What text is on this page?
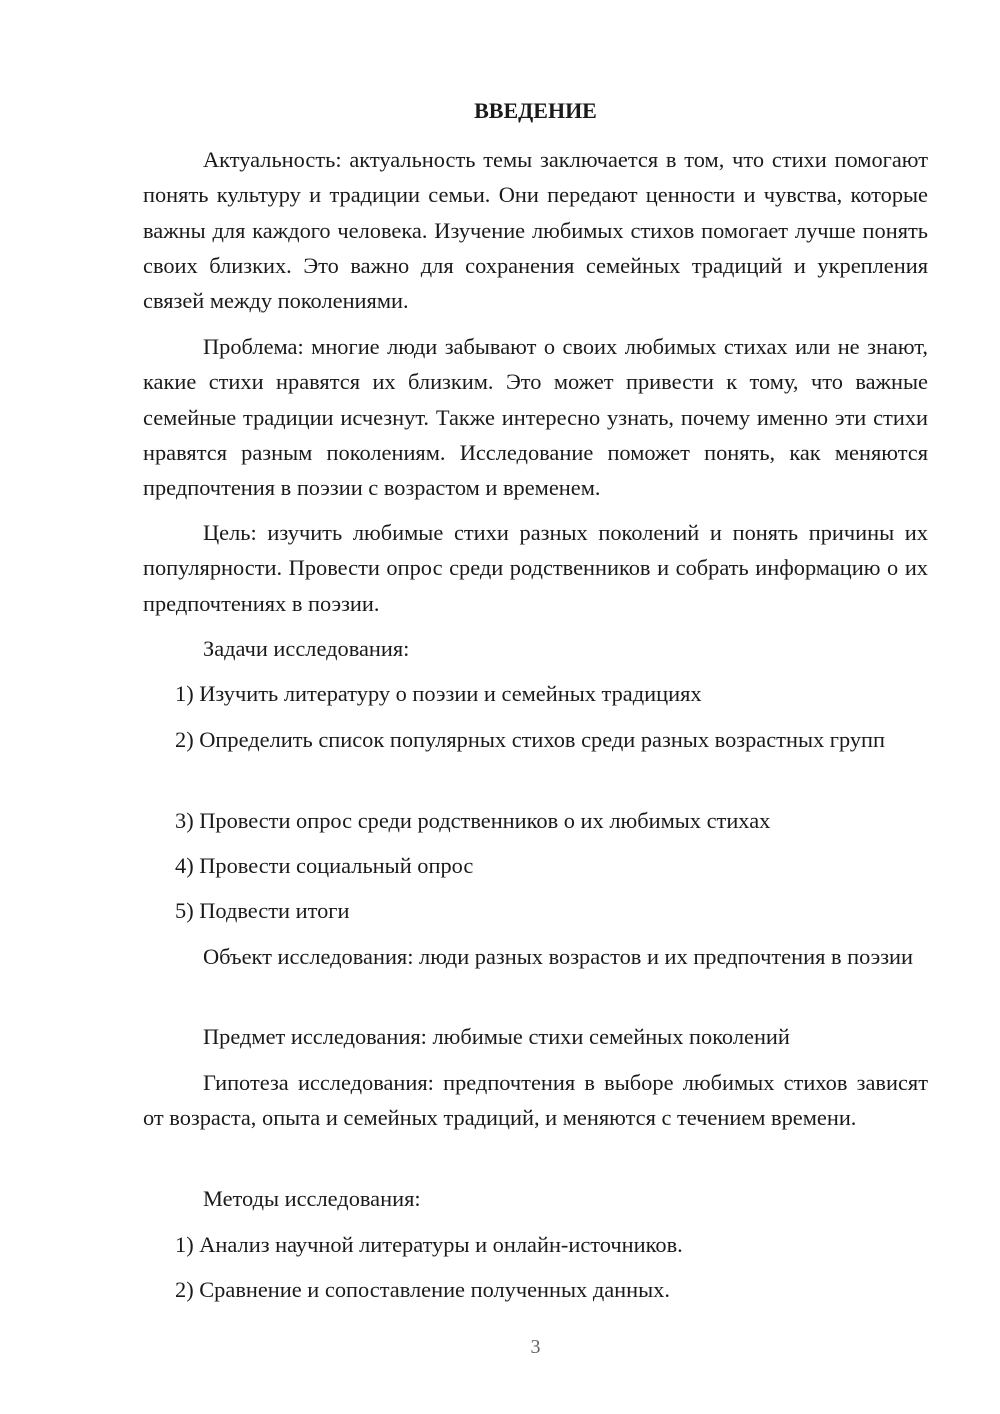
ВВЕДЕНИЕ

Актуальность: актуальность темы заключается в том, что стихи помогают понять культуру и традиции семьи. Они передают ценности и чувства, которые важны для каждого человека. Изучение любимых стихов помогает лучше понять своих близких. Это важно для сохранения семейных традиций и укрепления связей между поколениями.

Проблема: многие люди забывают о своих любимых стихах или не знают, какие стихи нравятся их близким. Это может привести к тому, что важные семейные традиции исчезнут. Также интересно узнать, почему именно эти стихи нравятся разным поколениям. Исследование поможет понять, как меняются предпочтения в поэзии с возрастом и временем.

Цель: изучить любимые стихи разных поколений и понять причины их популярности. Провести опрос среди родственников и собрать информацию о их предпочтениях в поэзии.

Задачи исследования:

1) Изучить литературу о поэзии и семейных традициях

2) Определить список популярных стихов среди разных возрастных групп

3) Провести опрос среди родственников о их любимых стихах

4) Провести социальный опрос

5) Подвести итоги

Объект исследования: люди разных возрастов и их предпочтения в поэзии

Предмет исследования: любимые стихи семейных поколений

Гипотеза исследования: предпочтения в выборе любимых стихов зависят от возраста, опыта и семейных традиций, и меняются с течением времени.

Методы исследования:

1) Анализ научной литературы и онлайн-источников.

2) Сравнение и сопоставление полученных данных.

3
